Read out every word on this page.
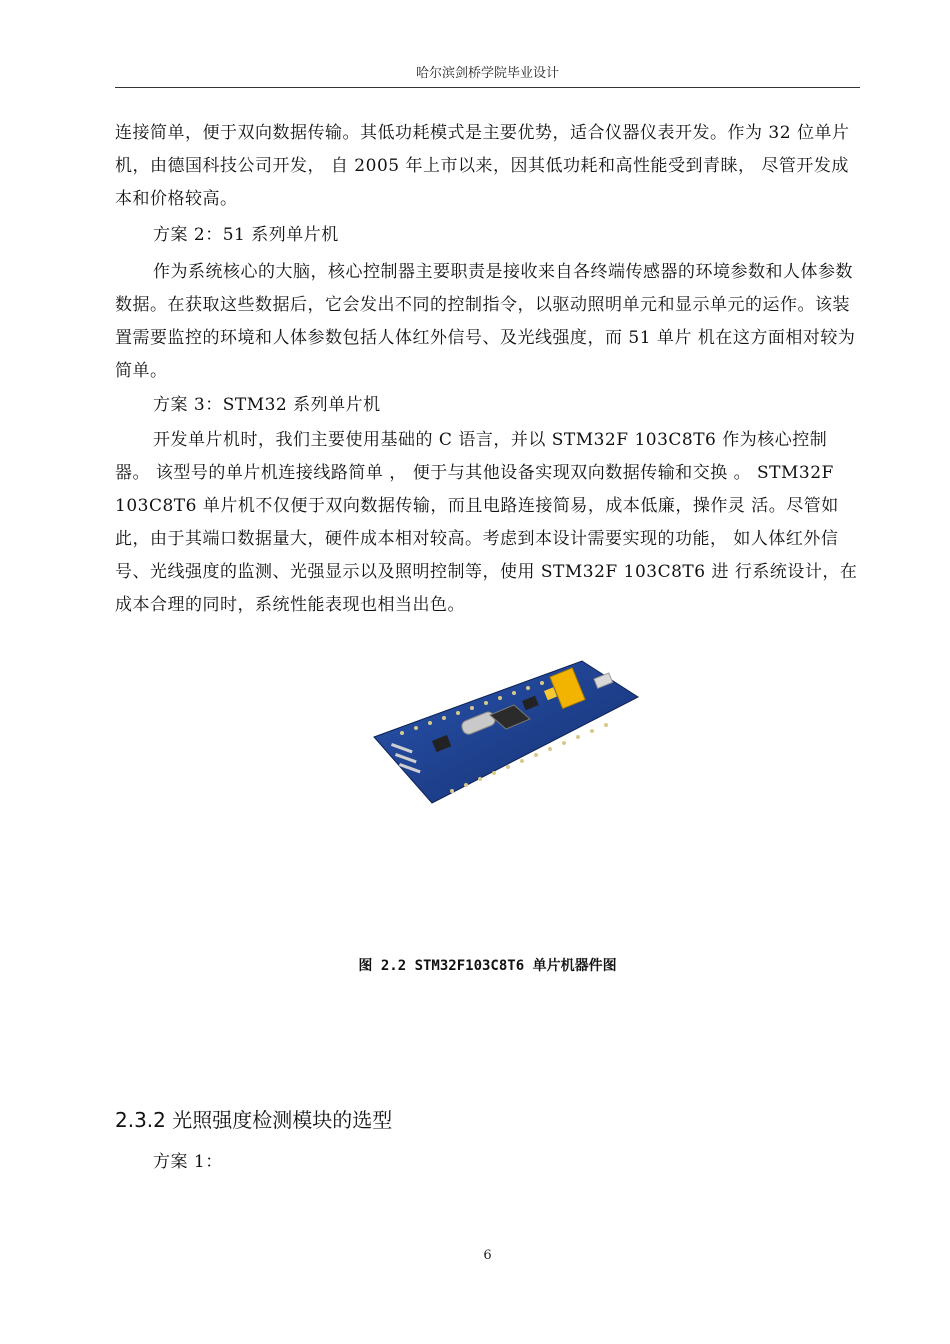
哈尔滨剑桥学院毕业设计

连接简单，便于双向数据传输。其低功耗模式是主要优势，适合仪器仪表开发。作为 32 位单片机，由德国科技公司开发， 自 2005 年上市以来，因其低功耗和高性能受到青睐， 尽管开发成本和价格较高。

方案 2：51 系列单片机

作为系统核心的大脑，核心控制器主要职责是接收来自各终端传感器的环境参数和人体参数数据。在获取这些数据后，它会发出不同的控制指令，以驱动照明单元和显示单元的运作。该装置需要监控的环境和人体参数包括人体红外信号、及光线强度，而 51 单片 机在这方面相对较为简单。

方案 3：STM32 系列单片机

开发单片机时，我们主要使用基础的 C 语言，并以 STM32F 103C8T6 作为核心控制器。 该型号的单片机连接线路简单 ， 便于与其他设备实现双向数据传输和交换 。 STM32F 103C8T6 单片机不仅便于双向数据传输，而且电路连接简易，成本低廉，操作灵 活。尽管如此，由于其端口数据量大，硬件成本相对较高。考虑到本设计需要实现的功能， 如人体红外信号、光线强度的监测、光强显示以及照明控制等，使用 STM32F 103C8T6 进 行系统设计，在成本合理的同时，系统性能表现也相当出色。

图 2.2 STM32F103C8T6 单片机器件图
2.3.2 光照强度检测模块的选型

方案 1：

6
